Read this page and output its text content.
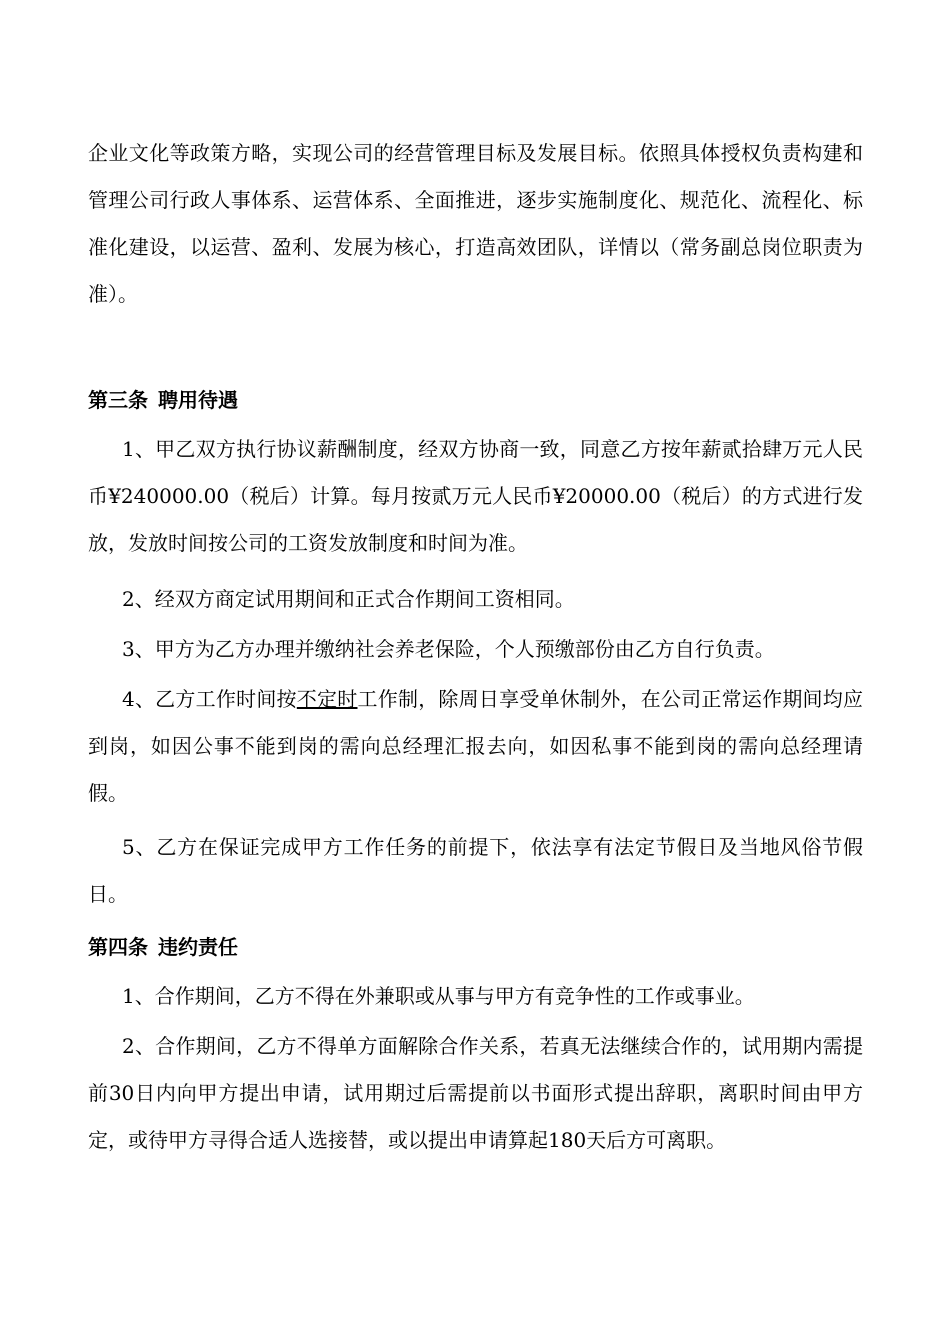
企业文化等政策方略，实现公司的经营管理目标及发展目标。依照具体授权负责构建和管理公司行政人事体系、运营体系、全面推进，逐步实施制度化、规范化、流程化、标准化建设，以运营、盈利、发展为核心，打造高效团队，详情以（常务副总岗位职责为准）。

第三条 聘用待遇

1、甲乙双方执行协议薪酬制度，经双方协商一致，同意乙方按年薪贰拾肆万元人民币¥240000.00（税后）计算。每月按贰万元人民币¥20000.00（税后）的方式进行发放，发放时间按公司的工资发放制度和时间为准。

2、经双方商定试用期间和正式合作期间工资相同。

3、甲方为乙方办理并缴纳社会养老保险，个人预缴部份由乙方自行负责。

4、乙方工作时间按不定时工作制，除周日享受单休制外，在公司正常运作期间均应到岗，如因公事不能到岗的需向总经理汇报去向，如因私事不能到岗的需向总经理请假。

5、乙方在保证完成甲方工作任务的前提下，依法享有法定节假日及当地风俗节假日。

第四条 违约责任

1、合作期间，乙方不得在外兼职或从事与甲方有竞争性的工作或事业。

2、合作期间，乙方不得单方面解除合作关系，若真无法继续合作的，试用期内需提前30日内向甲方提出申请，试用期过后需提前以书面形式提出辞职，离职时间由甲方定，或待甲方寻得合适人选接替，或以提出申请算起180天后方可离职。
